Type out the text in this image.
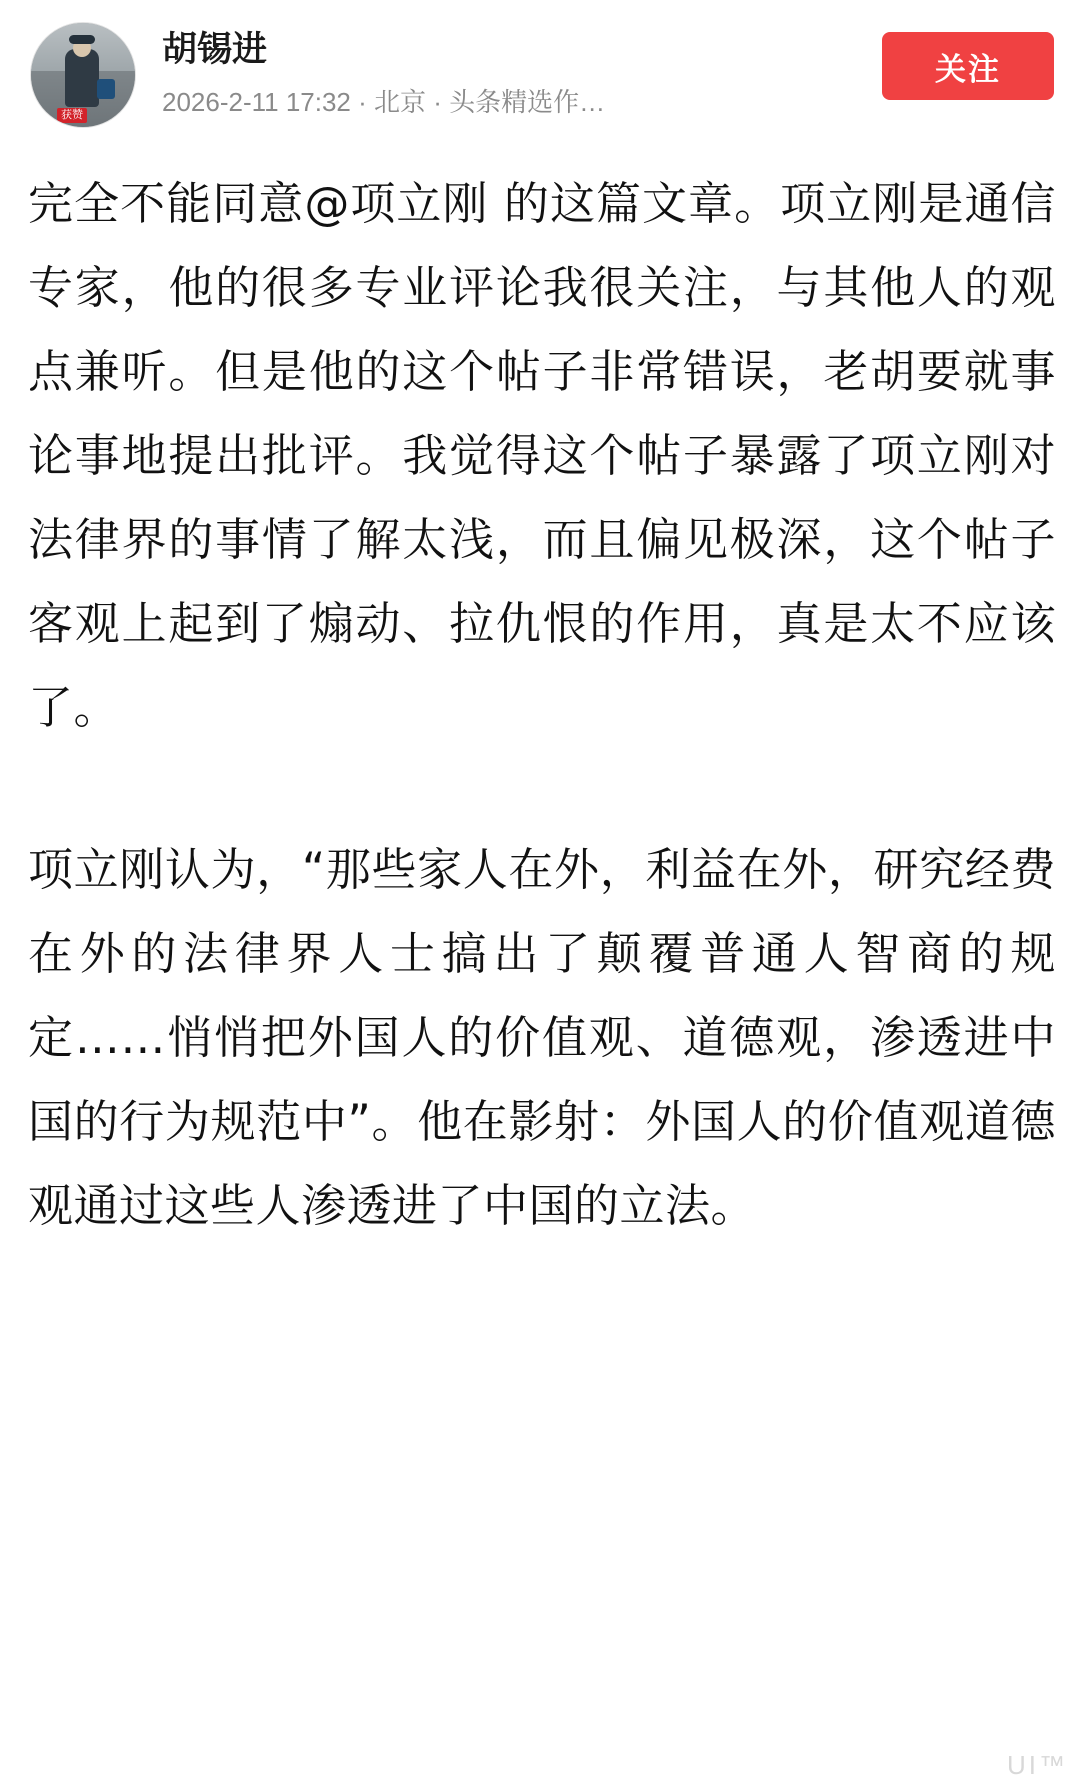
获赞
胡锡进
2026-2-11 17:32 · 北京 · 头条精选作…
关注

完全不能同意@项立刚 的这篇文章。项立刚是通信专家，他的很多专业评论我很关注，与其他人的观点兼听。但是他的这个帖子非常错误，老胡要就事论事地提出批评。我觉得这个帖子暴露了项立刚对法律界的事情了解太浅，而且偏见极深，这个帖子客观上起到了煽动、拉仇恨的作用，真是太不应该了。

项立刚认为，“那些家人在外，利益在外，研究经费在外的法律界人士搞出了颠覆普通人智商的规定……悄悄把外国人的价值观、道德观，渗透进中国的行为规范中”。他在影射：外国人的价值观道德观通过这些人渗透进了中国的立法。

UI™
